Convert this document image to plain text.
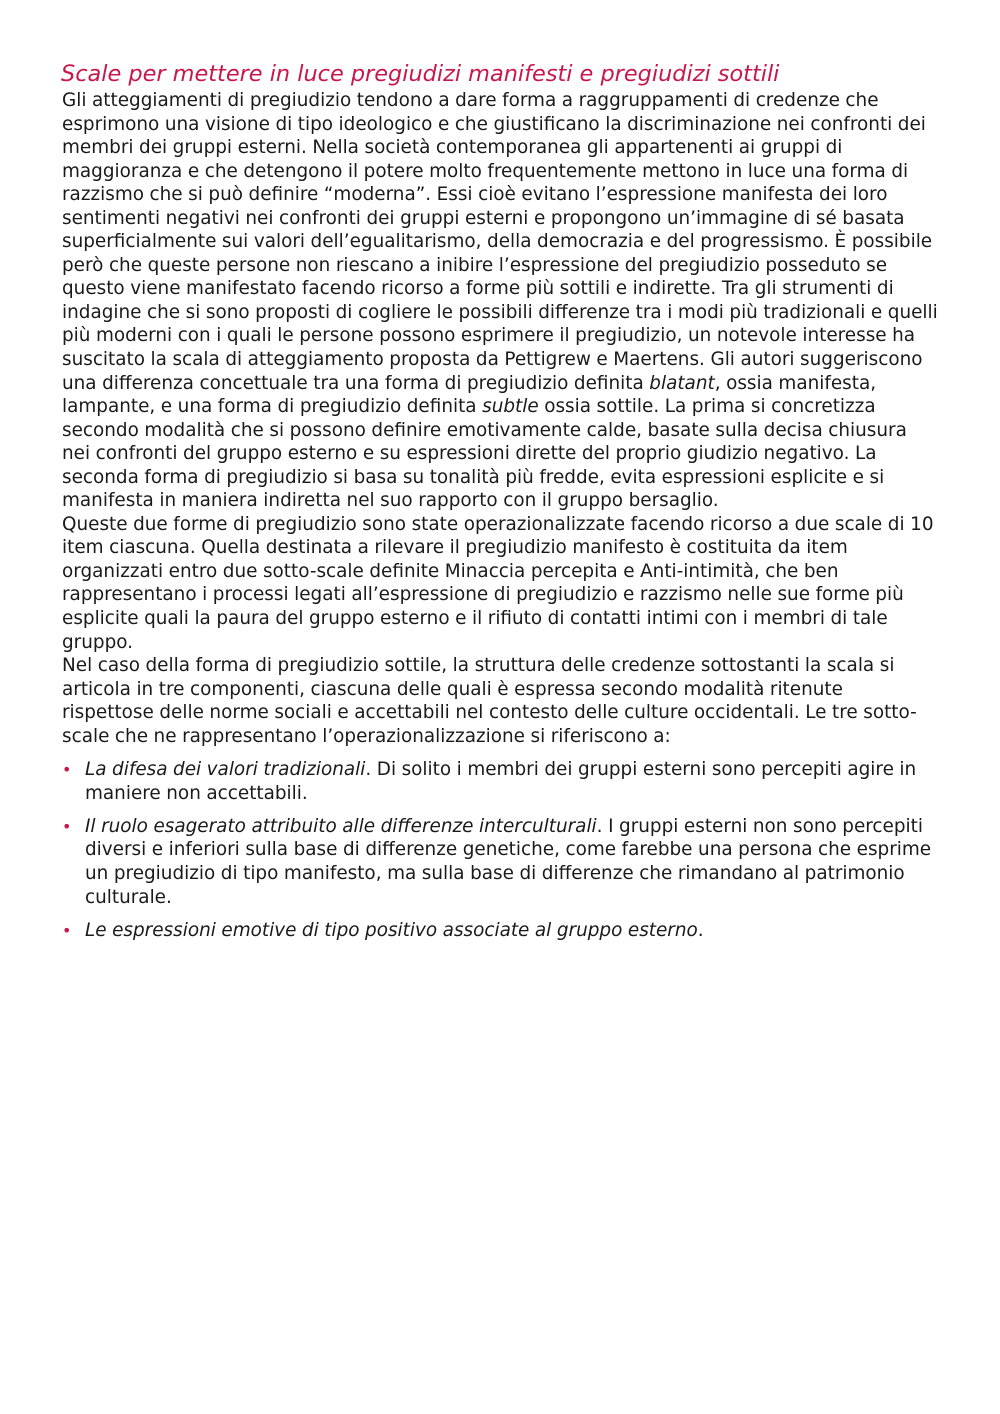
Scale per mettere in luce pregiudizi manifesti e pregiudizi sottili

Gli atteggiamenti di pregiudizio tendono a dare forma a raggruppamenti di credenze che esprimono una visione di tipo ideologico e che giustificano la discriminazione nei confronti dei membri dei gruppi esterni. Nella società contemporanea gli appartenenti ai gruppi di maggioranza e che detengono il potere molto frequentemente mettono in luce una forma di razzismo che si può definire “moderna”. Essi cioè evitano l’espressione manifesta dei loro sentimenti negativi nei confronti dei gruppi esterni e propongono un’immagine di sé basata superficialmente sui valori dell’egualitarismo, della democrazia e del progressismo. È possibile però che queste persone non riescano a inibire l’espressione del pregiudizio posseduto se questo viene manifestato facendo ricorso a forme più sottili e indirette. Tra gli strumenti di indagine che si sono proposti di cogliere le possibili differenze tra i modi più tradizionali e quelli più moderni con i quali le persone possono esprimere il pregiudizio, un notevole interesse ha suscitato la scala di atteggiamento proposta da Pettigrew e Maertens. Gli autori suggeriscono una differenza concettuale tra una forma di pregiudizio definita blatant, ossia manifesta, lampante, e una forma di pregiudizio definita subtle ossia sottile. La prima si concretizza secondo modalità che si possono definire emotivamente calde, basate sulla decisa chiusura nei confronti del gruppo esterno e su espressioni dirette del proprio giudizio negativo. La seconda forma di pregiudizio si basa su tonalità più fredde, evita espressioni esplicite e si manifesta in maniera indiretta nel suo rapporto con il gruppo bersaglio.

Queste due forme di pregiudizio sono state operazionalizzate facendo ricorso a due scale di 10 item ciascuna. Quella destinata a rilevare il pregiudizio manifesto è costituita da item organizzati entro due sotto-scale definite Minaccia percepita e Anti-intimità, che ben rappresentano i processi legati all’espressione di pregiudizio e razzismo nelle sue forme più esplicite quali la paura del gruppo esterno e il rifiuto di contatti intimi con i membri di tale gruppo.

Nel caso della forma di pregiudizio sottile, la struttura delle credenze sottostanti la scala si articola in tre componenti, ciascuna delle quali è espressa secondo modalità ritenute rispettose delle norme sociali e accettabili nel contesto delle culture occidentali. Le tre sotto-scale che ne rappresentano l’operazionalizzazione si riferiscono a:

• La difesa dei valori tradizionali. Di solito i membri dei gruppi esterni sono percepiti agire in maniere non accettabili.
• Il ruolo esagerato attribuito alle differenze interculturali. I gruppi esterni non sono percepiti diversi e inferiori sulla base di differenze genetiche, come farebbe una persona che esprime un pregiudizio di tipo manifesto, ma sulla base di differenze che rimandano al patrimonio culturale.
• Le espressioni emotive di tipo positivo associate al gruppo esterno.
